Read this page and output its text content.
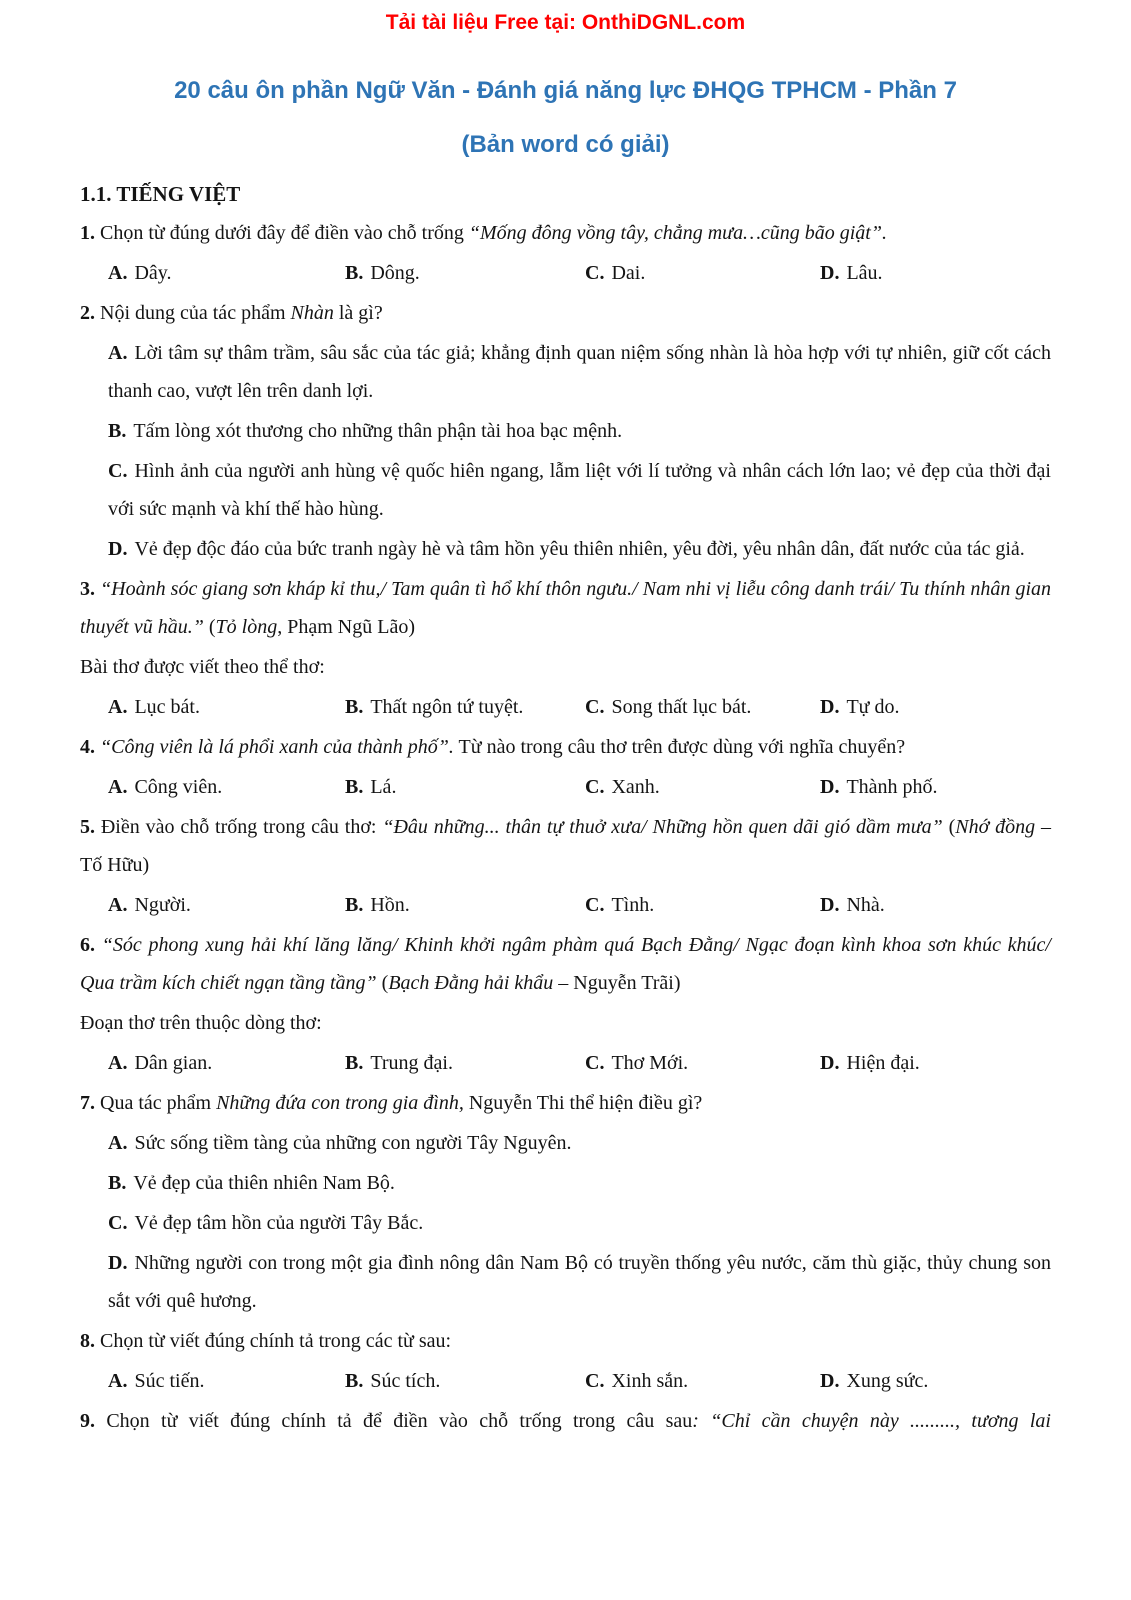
Tải tài liệu Free tại: OnthiDGNL.com
20 câu ôn phần Ngữ Văn - Đánh giá năng lực ĐHQG TPHCM - Phần 7
(Bản word có giải)
1.1. TIẾNG VIỆT

1. Chọn từ đúng dưới đây để điền vào chỗ trống “Mống đông vồng tây, chẳng mưa…cũng bão giật”.

A. Dây.	B. Dông.	C. Dai.	D. Lâu.

2. Nội dung của tác phẩm Nhàn là gì?

A. Lời tâm sự thâm trầm, sâu sắc của tác giả; khẳng định quan niệm sống nhàn là hòa hợp với tự nhiên, giữ cốt cách thanh cao, vượt lên trên danh lợi.

B. Tấm lòng xót thương cho những thân phận tài hoa bạc mệnh.

C. Hình ảnh của người anh hùng vệ quốc hiên ngang, lẫm liệt với lí tưởng và nhân cách lớn lao; vẻ đẹp của thời đại với sức mạnh và khí thế hào hùng.

D. Vẻ đẹp độc đáo của bức tranh ngày hè và tâm hồn yêu thiên nhiên, yêu đời, yêu nhân dân, đất nước của tác giả.

3. “Hoành sóc giang sơn kháp kỉ thu,/ Tam quân tì hổ khí thôn ngưu./ Nam nhi vị liễu công danh trái/ Tu thính nhân gian thuyết vũ hầu.” (Tỏ lòng, Phạm Ngũ Lão)

Bài thơ được viết theo thể thơ:

A. Lục bát.	B. Thất ngôn tứ tuyệt.	C. Song thất lục bát.	D. Tự do.

4. “Công viên là lá phổi xanh của thành phố”. Từ nào trong câu thơ trên được dùng với nghĩa chuyển?

A. Công viên.	B. Lá.	C. Xanh.	D. Thành phố.

5. Điền vào chỗ trống trong câu thơ: “Đâu những... thân tự thuở xưa/ Những hồn quen dãi gió dầm mưa” (Nhớ đồng –Tố Hữu)

A. Người.	B. Hồn.	C. Tình.	D. Nhà.

6. “Sóc phong xung hải khí lăng lăng/ Khinh khởi ngâm phàm quá Bạch Đằng/ Ngạc đoạn kình khoa sơn khúc khúc/ Qua trầm kích chiết ngạn tầng tầng” (Bạch Đằng hải khẩu – Nguyễn Trãi)

Đoạn thơ trên thuộc dòng thơ:

A. Dân gian.	B. Trung đại.	C. Thơ Mới.	D. Hiện đại.

7. Qua tác phẩm Những đứa con trong gia đình, Nguyễn Thi thể hiện điều gì?

A. Sức sống tiềm tàng của những con người Tây Nguyên.

B. Vẻ đẹp của thiên nhiên Nam Bộ.

C. Vẻ đẹp tâm hồn của người Tây Bắc.

D. Những người con trong một gia đình nông dân Nam Bộ có truyền thống yêu nước, căm thù giặc, thủy chung son sắt với quê hương.

8. Chọn từ viết đúng chính tả trong các từ sau:

A. Súc tiến.	B. Súc tích.	C. Xinh sắn.	D. Xung sức.

9. Chọn từ viết đúng chính tả để điền vào chỗ trống trong câu sau: “Chỉ cần chuyện này ........., tương lai
